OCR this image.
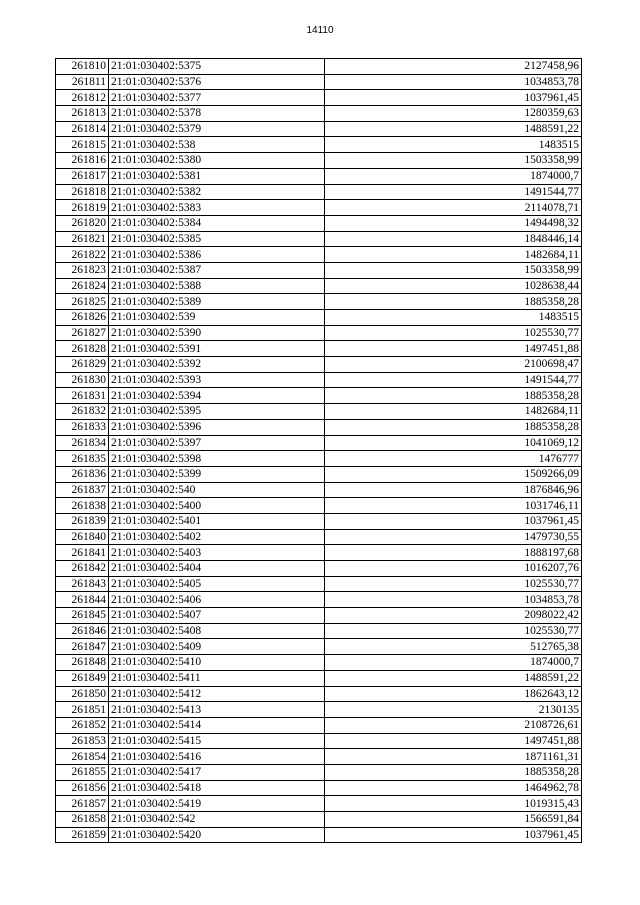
14110
261810	21:01:030402:5375	2127458,96
261811	21:01:030402:5376	1034853,78
261812	21:01:030402:5377	1037961,45
261813	21:01:030402:5378	1280359,63
261814	21:01:030402:5379	1488591,22
261815	21:01:030402:538	1483515
261816	21:01:030402:5380	1503358,99
261817	21:01:030402:5381	1874000,7
261818	21:01:030402:5382	1491544,77
261819	21:01:030402:5383	2114078,71
261820	21:01:030402:5384	1494498,32
261821	21:01:030402:5385	1848446,14
261822	21:01:030402:5386	1482684,11
261823	21:01:030402:5387	1503358,99
261824	21:01:030402:5388	1028638,44
261825	21:01:030402:5389	1885358,28
261826	21:01:030402:539	1483515
261827	21:01:030402:5390	1025530,77
261828	21:01:030402:5391	1497451,88
261829	21:01:030402:5392	2100698,47
261830	21:01:030402:5393	1491544,77
261831	21:01:030402:5394	1885358,28
261832	21:01:030402:5395	1482684,11
261833	21:01:030402:5396	1885358,28
261834	21:01:030402:5397	1041069,12
261835	21:01:030402:5398	1476777
261836	21:01:030402:5399	1509266,09
261837	21:01:030402:540	1876846,96
261838	21:01:030402:5400	1031746,11
261839	21:01:030402:5401	1037961,45
261840	21:01:030402:5402	1479730,55
261841	21:01:030402:5403	1888197,68
261842	21:01:030402:5404	1016207,76
261843	21:01:030402:5405	1025530,77
261844	21:01:030402:5406	1034853,78
261845	21:01:030402:5407	2098022,42
261846	21:01:030402:5408	1025530,77
261847	21:01:030402:5409	512765,38
261848	21:01:030402:5410	1874000,7
261849	21:01:030402:5411	1488591,22
261850	21:01:030402:5412	1862643,12
261851	21:01:030402:5413	2130135
261852	21:01:030402:5414	2108726,61
261853	21:01:030402:5415	1497451,88
261854	21:01:030402:5416	1871161,31
261855	21:01:030402:5417	1885358,28
261856	21:01:030402:5418	1464962,78
261857	21:01:030402:5419	1019315,43
261858	21:01:030402:542	1566591,84
261859	21:01:030402:5420	1037961,45
